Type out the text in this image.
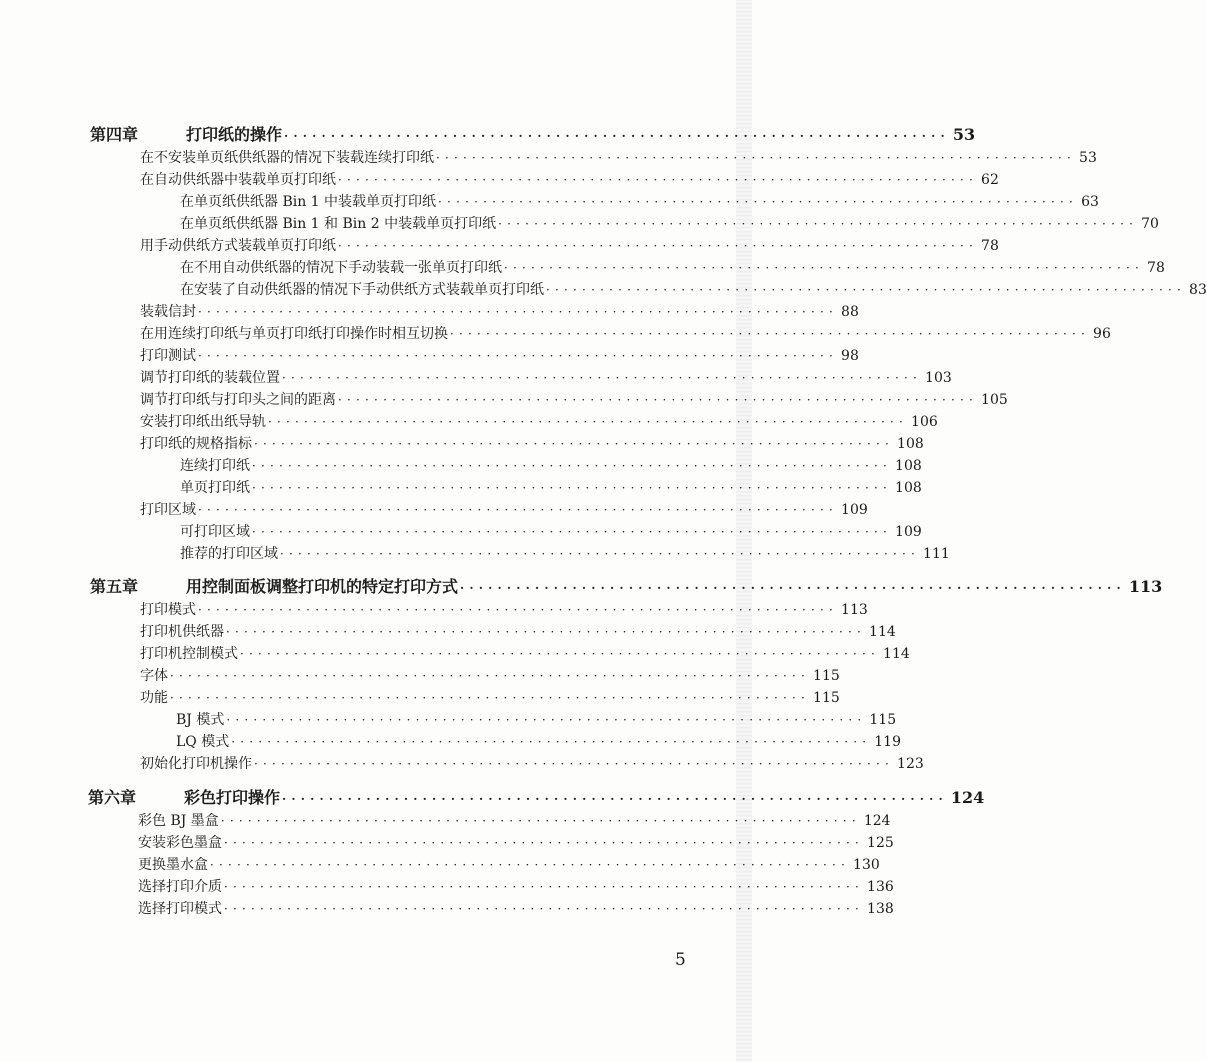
第四章	打印纸的操作 ······································································· 53
在不安装单页纸供纸器的情况下装载连续打印纸 ······································································· 53
在自动供纸器中装载单页打印纸 ······································································· 62
在单页纸供纸器 Bin 1 中装载单页打印纸 ······································································· 63
在单页纸供纸器 Bin 1 和 Bin 2 中装载单页打印纸 ······································································· 70
用手动供纸方式装载单页打印纸 ······································································· 78
在不用自动供纸器的情况下手动装载一张单页打印纸 ······································································· 78
在安装了自动供纸器的情况下手动供纸方式装载单页打印纸 ······································································· 83
装载信封 ······································································· 88
在用连续打印纸与单页打印纸打印操作时相互切换 ······································································· 96
打印测试 ······································································· 98
调节打印纸的装载位置 ······································································· 103
调节打印纸与打印头之间的距离 ······································································· 105
安装打印纸出纸导轨 ······································································· 106
打印纸的规格指标 ······································································· 108
连续打印纸 ······································································· 108
单页打印纸 ······································································· 108
打印区域 ······································································· 109
可打印区域 ······································································· 109
推荐的打印区域 ······································································· 111
第五章	用控制面板调整打印机的特定打印方式 ······································································· 113
打印模式 ······································································· 113
打印机供纸器 ······································································· 114
打印机控制模式 ······································································· 114
字体 ······································································· 115
功能 ······································································· 115
BJ 模式 ······································································· 115
LQ 模式 ······································································· 119
初始化打印机操作 ······································································· 123
第六章	彩色打印操作 ······································································· 124
彩色 BJ 墨盒 ······································································· 124
安装彩色墨盒 ······································································· 125
更换墨水盒 ······································································· 130
选择打印介质 ······································································· 136
选择打印模式 ······································································· 138
5
